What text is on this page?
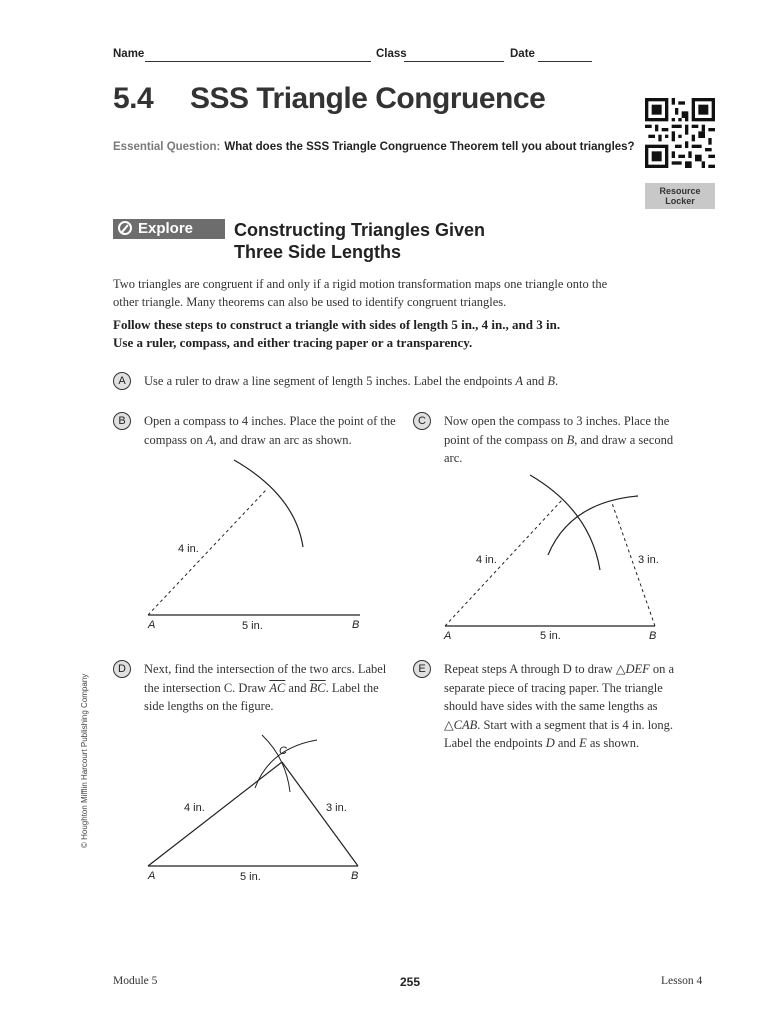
Name	Class	Date
5.4 SSS Triangle Congruence
Essential Question: What does the SSS Triangle Congruence Theorem tell you about triangles?
Resource
Locker
Explore	Constructing Triangles Given Three Side Lengths
Two triangles are congruent if and only if a rigid motion transformation maps one triangle onto the other triangle. Many theorems can also be used to identify congruent triangles.
Follow these steps to construct a triangle with sides of length 5 in., 4 in., and 3 in. Use a ruler, compass, and either tracing paper or a transparency.
A	Use a ruler to draw a line segment of length 5 inches. Label the endpoints A and B.
B	Open a compass to 4 inches. Place the point of the compass on A, and draw an arc as shown.
C	Now open the compass to 3 inches. Place the point of the compass on B, and draw a second arc.
A	B
5 in.
4 in.
A	B
5 in.
4 in.	3 in.
D	Next, find the intersection of the two arcs. Label the intersection C. Draw $\overline{AC}$ and $\overline{BC}$. Label the side lengths on the figure.
E	Repeat steps A through D to draw △DEF on a separate piece of tracing paper. The triangle should have sides with the same lengths as △CAB. Start with a segment that is 4 in. long. Label the endpoints D and E as shown.
A	B
C
5 in.
4 in.	3 in.
© Houghton Mifflin Harcourt Publishing Company
Module 5	255	Lesson 4
